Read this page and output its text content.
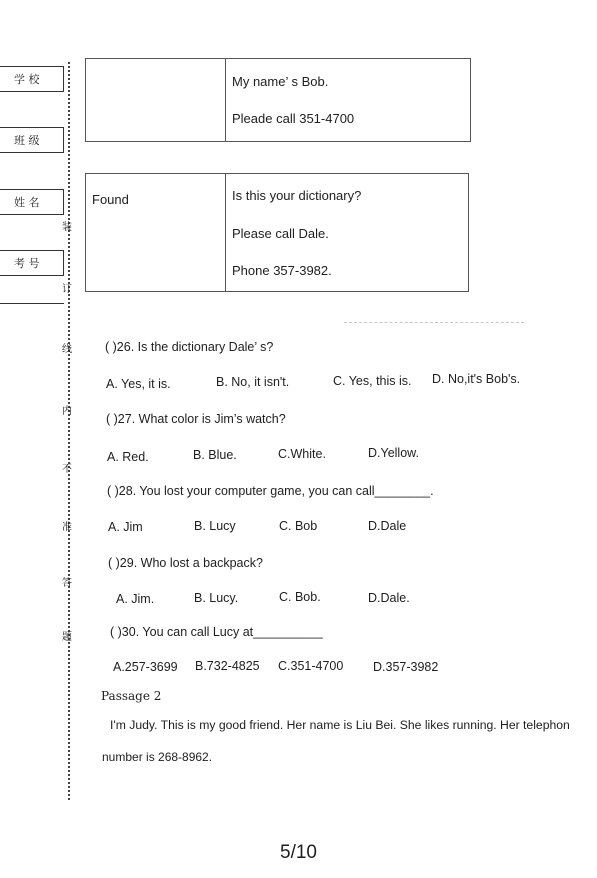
学 校
班 级
姓 名
考 号
装
订
线
内
不
准
答
题
My name’ s Bob.
Pleade call 351-4700
Found	Is this your dictionary?
Please call Dale.
Phone 357-3982.
( )26. Is the dictionary Dale’ s?
A. Yes, it is.	B. No, it isn't.	C. Yes, this is. D. No,it's Bob's.
( )27. What color is Jim’s watch?
A. Red.	B. Blue.	C.White.	D.Yellow.
( )28. You lost your computer game, you can call________.
A. Jim	B. Lucy	C. Bob	D.Dale
( )29. Who lost a backpack?
A. Jim.	B. Lucy.	C. Bob.	D.Dale.
( )30. You can call Lucy at__________
A.257-3699 B.732-4825 C.351-4700 D.357-3982
Passage 2
I'm Judy. This is my good friend. Her name is Liu Bei. She likes running. Her telephon
number is 268-8962.
5/10
